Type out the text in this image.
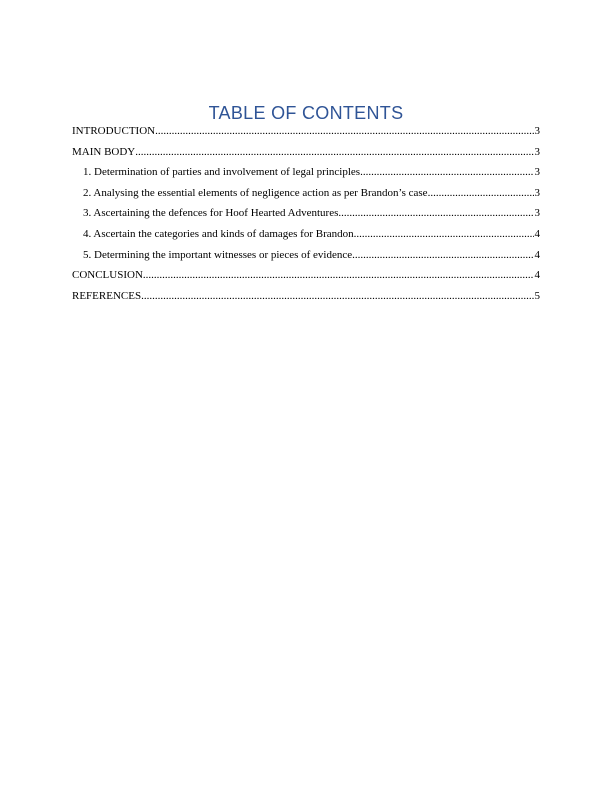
TABLE OF CONTENTS
INTRODUCTION .....	3
MAIN BODY .....	3
1. Determination of parties and involvement of legal principles .....	3
2. Analysing the essential elements of negligence action as per Brandon’s case .....	3
3. Ascertaining the defences for Hoof Hearted Adventures .....	3
4. Ascertain the categories and kinds of damages for Brandon .....	4
5. Determining the important witnesses or pieces of evidence .....	4
CONCLUSION .....	4
REFERENCES .....	5
